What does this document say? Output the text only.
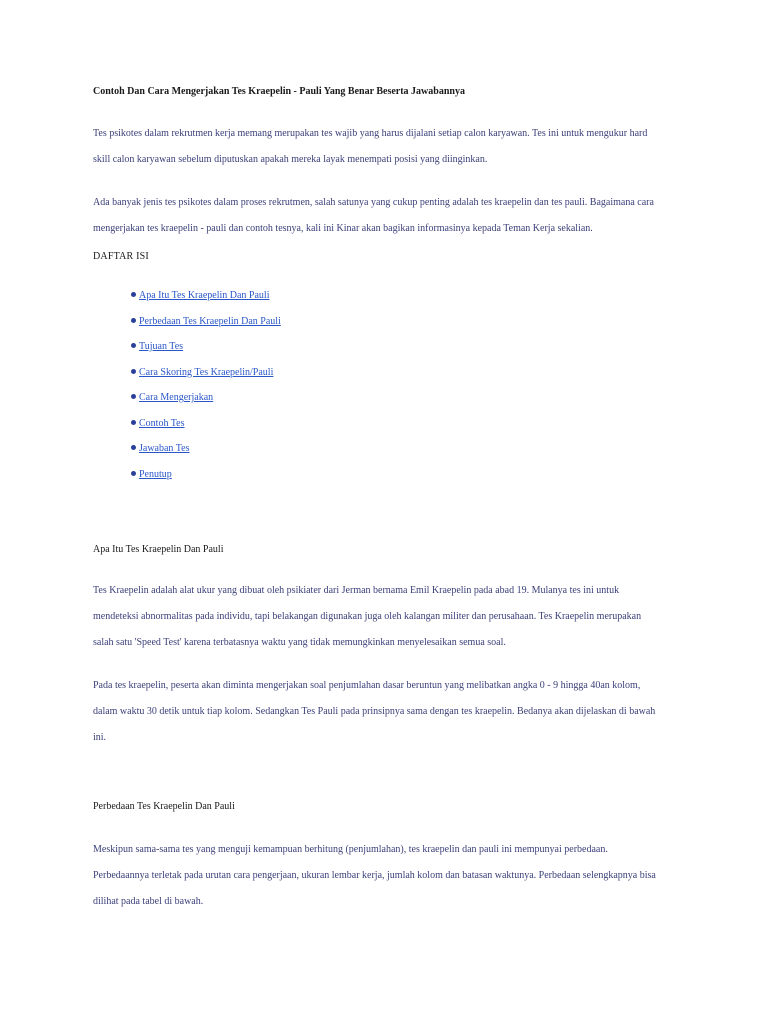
Contoh Dan Cara Mengerjakan Tes Kraepelin - Pauli Yang Benar Beserta Jawabannya

Tes psikotes dalam rekrutmen kerja memang merupakan tes wajib yang harus dijalani setiap calon karyawan. Tes ini untuk mengukur hard
skill calon karyawan sebelum diputuskan apakah mereka layak menempati posisi yang diinginkan.

Ada banyak jenis tes psikotes dalam proses rekrutmen, salah satunya yang cukup penting adalah tes kraepelin dan tes pauli. Bagaimana cara
mengerjakan tes kraepelin - pauli dan contoh tesnya, kali ini Kinar akan bagikan informasinya kepada Teman Kerja sekalian.

DAFTAR ISI
Apa Itu Tes Kraepelin Dan Pauli
Perbedaan Tes Kraepelin Dan Pauli
Tujuan Tes
Cara Skoring Tes Kraepelin/Pauli
Cara Mengerjakan
Contoh Tes
Jawaban Tes
Penutup
Apa Itu Tes Kraepelin Dan Pauli

Tes Kraepelin adalah alat ukur yang dibuat oleh psikiater dari Jerman bernama Emil Kraepelin pada abad 19. Mulanya tes ini untuk
mendeteksi abnormalitas pada individu, tapi belakangan digunakan juga oleh kalangan militer dan perusahaan. Tes Kraepelin merupakan
salah satu 'Speed Test' karena terbatasnya waktu yang tidak memungkinkan menyelesaikan semua soal.

Pada tes kraepelin, peserta akan diminta mengerjakan soal penjumlahan dasar beruntun yang melibatkan angka 0 - 9 hingga 40an kolom,
dalam waktu 30 detik untuk tiap kolom. Sedangkan Tes Pauli pada prinsipnya sama dengan tes kraepelin. Bedanya akan dijelaskan di bawah
ini.

Perbedaan Tes Kraepelin Dan Pauli

Meskipun sama-sama tes yang menguji kemampuan berhitung (penjumlahan), tes kraepelin dan pauli ini mempunyai perbedaan.
Perbedaannya terletak pada urutan cara pengerjaan, ukuran lembar kerja, jumlah kolom dan batasan waktunya. Perbedaan selengkapnya bisa
dilihat pada tabel di bawah.
